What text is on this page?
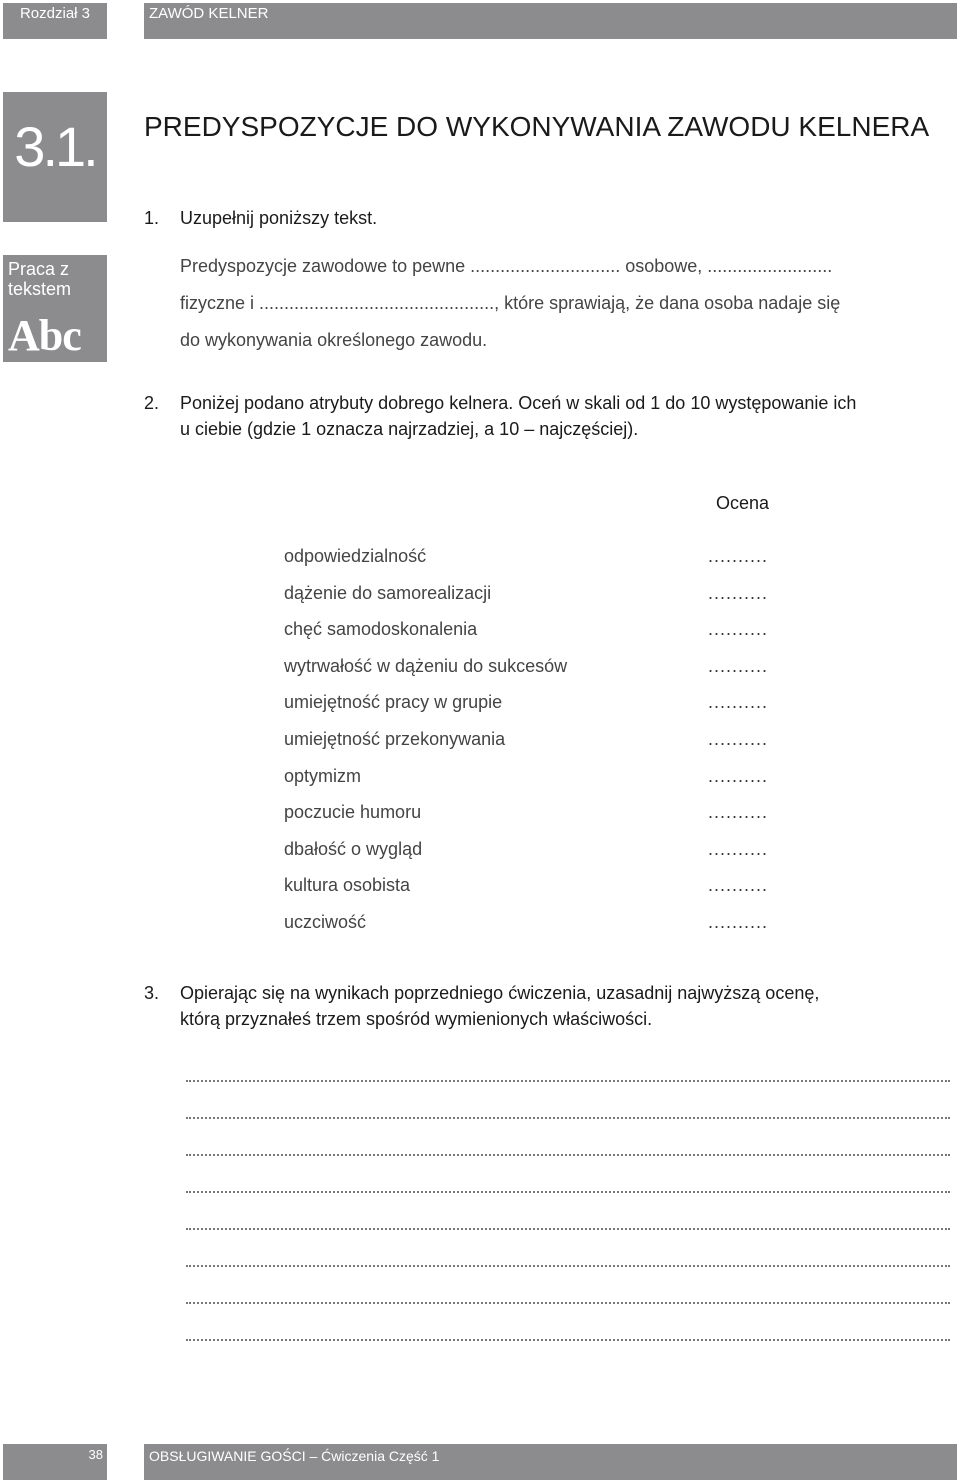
Rozdział 3	ZAWÓD KELNER
3.1.	PREDYSPOZYCJE DO WYKONYWANIA ZAWODU KELNERA
Praca z tekstem
Abc
1. Uzupełnij poniższy tekst.
Predyspozycje zawodowe to pewne .............................. osobowe, .........................
fizyczne i ..............................................., które sprawiają, że dana osoba nadaje się
do wykonywania określonego zawodu.
2. Poniżej podano atrybuty dobrego kelnera. Oceń w skali od 1 do 10 występowanie ich
u ciebie (gdzie 1 oznacza najrzadziej, a 10 – najczęściej).
Ocena
odpowiedzialność	..........
dążenie do samorealizacji	..........
chęć samodoskonalenia	..........
wytrwałość w dążeniu do sukcesów	..........
umiejętność pracy w grupie	..........
umiejętność przekonywania	..........
optymizm	..........
poczucie humoru	..........
dbałość o wygląd	..........
kultura osobista	..........
uczciwość	..........
3. Opierając się na wynikach poprzedniego ćwiczenia, uzasadnij najwyższą ocenę,
którą przyznałeś trzem spośród wymienionych właściwości.
38	OBSŁUGIWANIE GOŚCI – Ćwiczenia Część 1
